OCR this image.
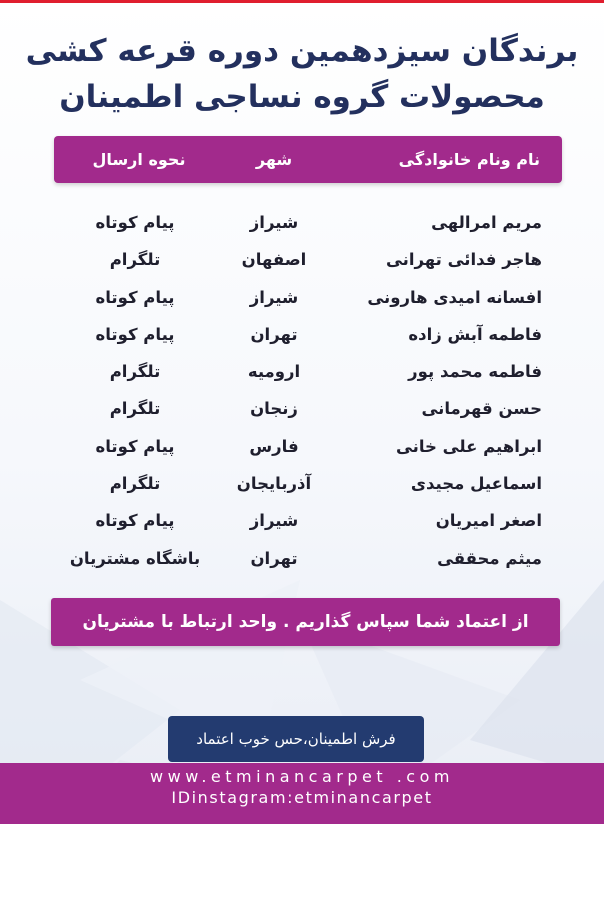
برندگان سیزدهمین دوره قرعه کشی
محصولات گروه نساجی اطمینان
نام ونام خانوادگی
شهر
نحوه ارسال
مریم امرالهی
شیراز
پیام کوتاه
هاجر فدائی تهرانی
اصفهان
تلگرام
افسانه امیدی هارونی
شیراز
پیام کوتاه
فاطمه آبش زاده
تهران
پیام کوتاه
فاطمه محمد پور
ارومیه
تلگرام
حسن قهرمانی
زنجان
تلگرام
ابراهیم علی خانی
فارس
پیام کوتاه
اسماعیل مجیدی
آذربایجان
تلگرام
اصغر امیریان
شیراز
پیام کوتاه
میثم محققی
تهران
باشگاه مشتریان
از اعتماد شما سپاس گذاریم . واحد ارتباط با مشتریان
فرش اطمینان،حس خوب اعتماد
www.etminancarpet .com
IDinstagram:etminancarpet
